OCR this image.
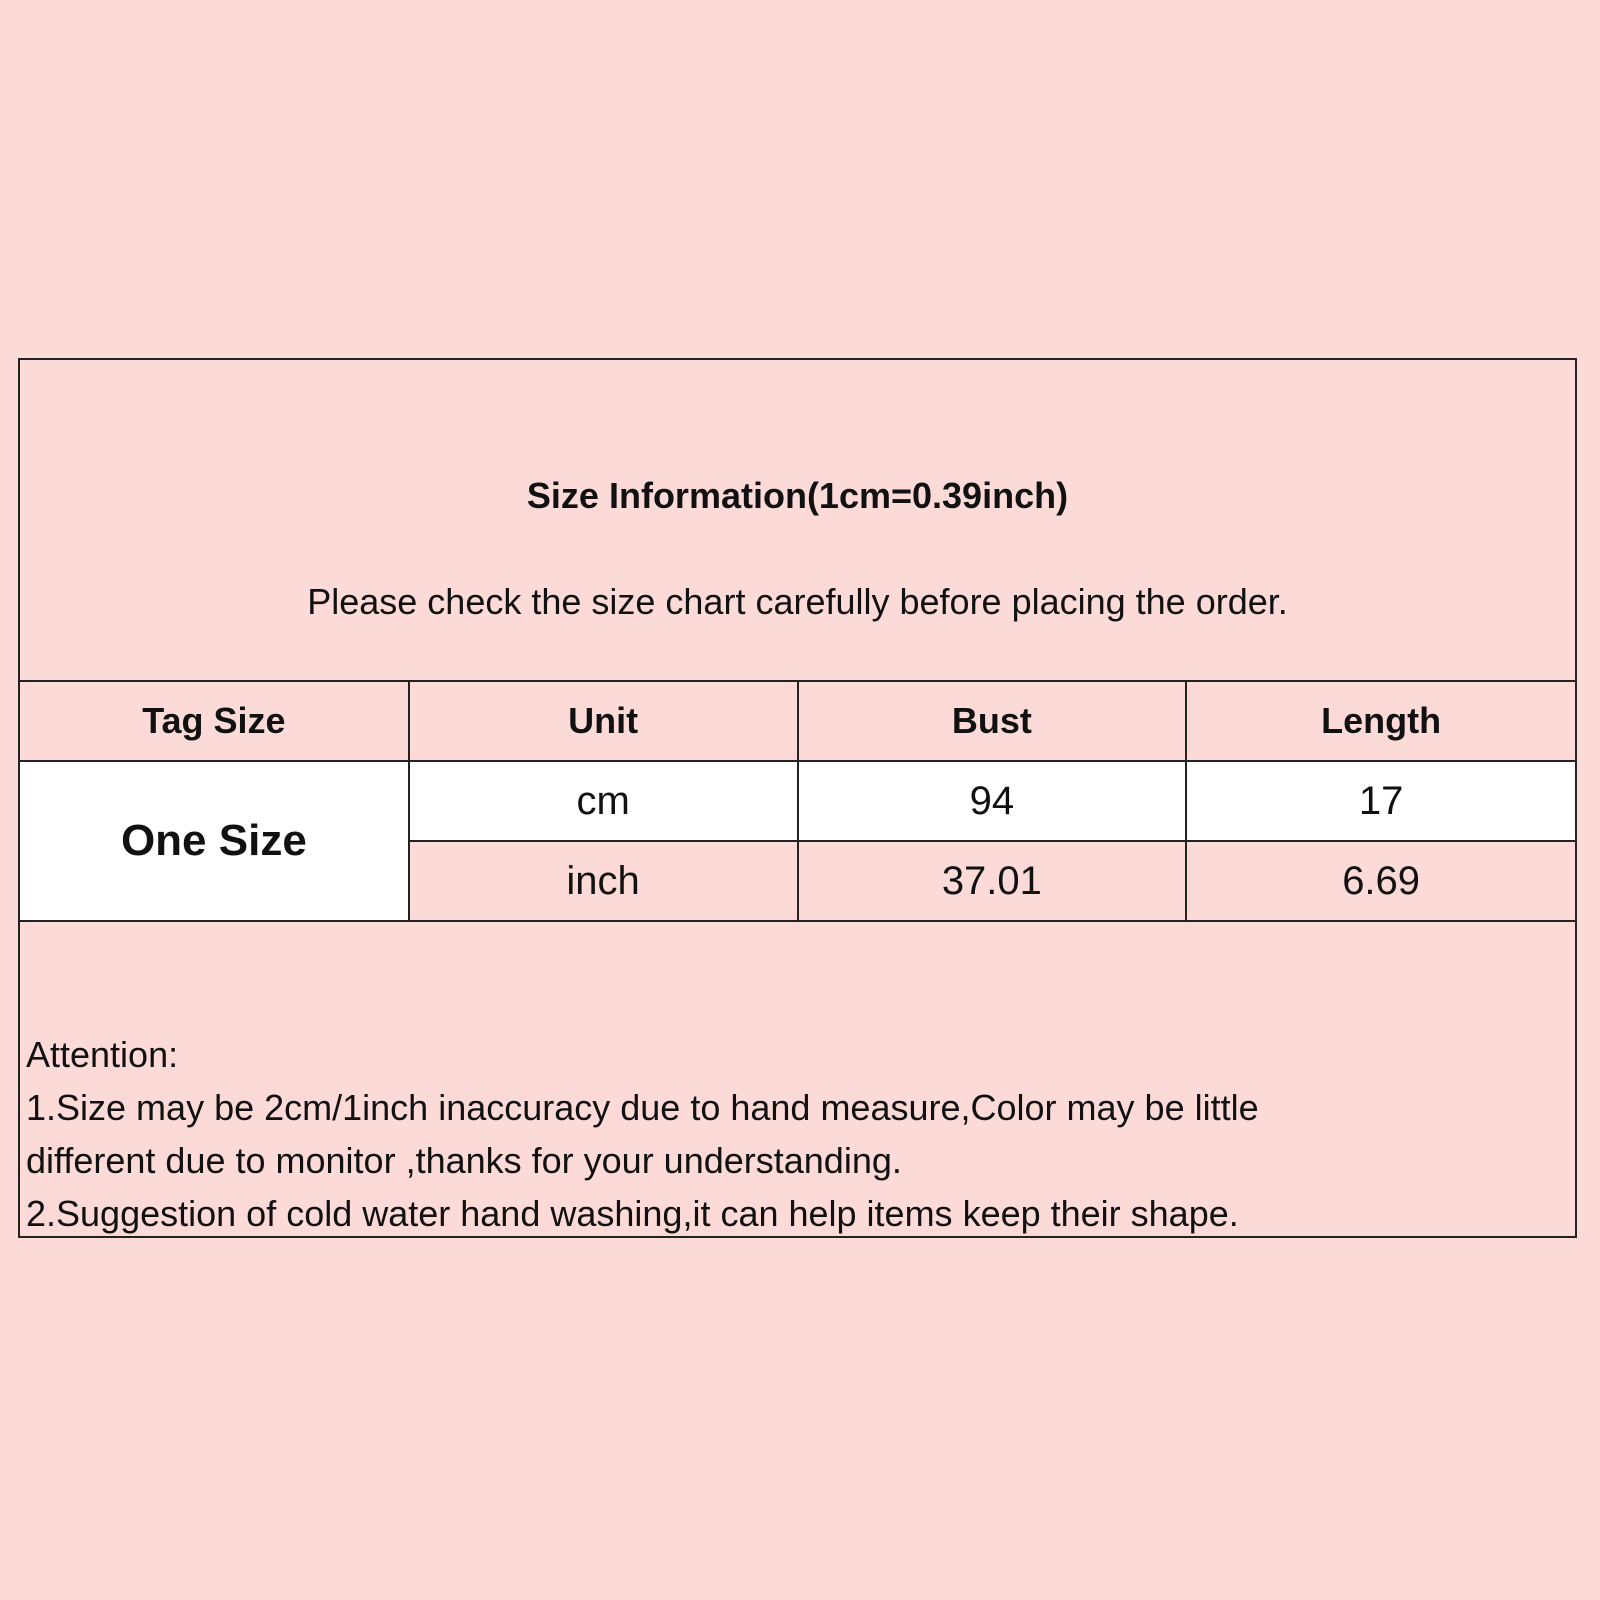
Size Information(1cm=0.39inch)
Please check the size chart carefully before placing the order.
Tag Size	Unit	Bust	Length
One Size	cm	94	17
	inch	37.01	6.69
Attention:
1.Size may be 2cm/1inch inaccuracy due to hand measure,Color may be little
different due to monitor ,thanks for your understanding.
2.Suggestion of cold water hand washing,it can help items keep their shape.
